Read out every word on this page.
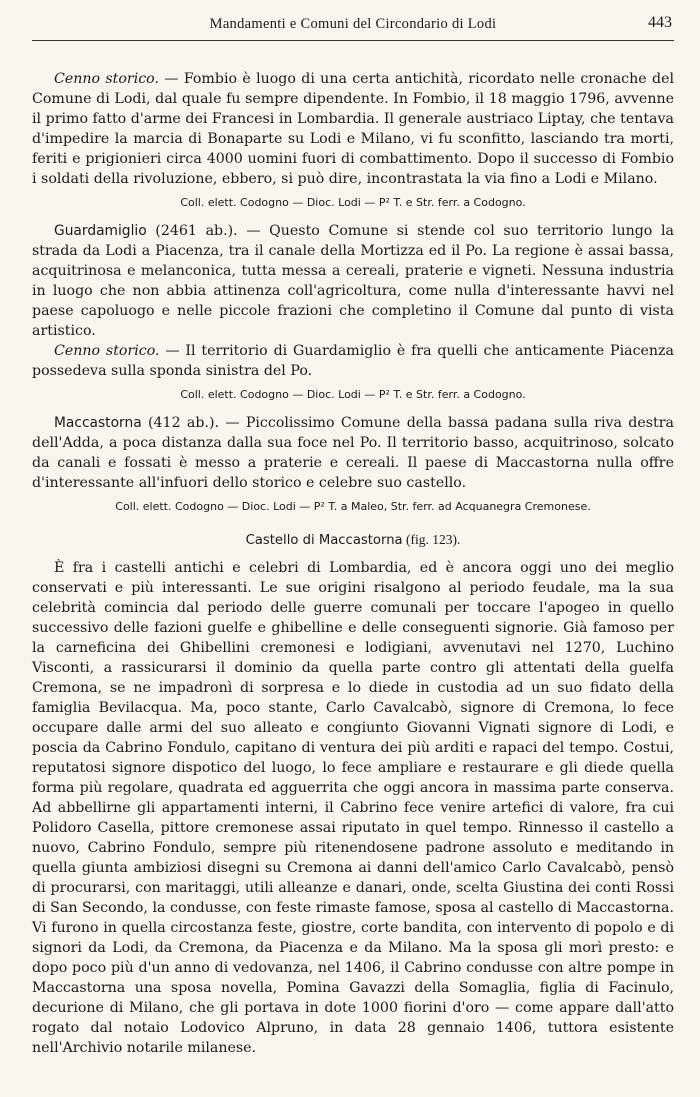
Mandamenti e Comuni del Circondario di Lodi	443

Cenno storico. — Fombio è luogo di una certa antichità, ricordato nelle cronache del Comune di Lodi, dal quale fu sempre dipendente. In Fombio, il 18 maggio 1796, avvenne il primo fatto d'arme dei Francesi in Lombardia. Il generale austriaco Liptay, che tentava d'impedire la marcia di Bonaparte su Lodi e Milano, vi fu sconfitto, lasciando tra morti, feriti e prigionieri circa 4000 uomini fuori di combattimento. Dopo il successo di Fombio i soldati della rivoluzione, ebbero, si può dire, incontrastata la via fino a Lodi e Milano.

Coll. elett. Codogno — Dioc. Lodi — P² T. e Str. ferr. a Codogno.

Guardamiglio (2461 ab.). — Questo Comune si stende col suo territorio lungo la strada da Lodi a Piacenza, tra il canale della Mortizza ed il Po. La regione è assai bassa, acquitrinosa e melanconica, tutta messa a cereali, praterie e vigneti. Nessuna industria in luogo che non abbia attinenza coll'agricoltura, come nulla d'interessante havvi nel paese capoluogo e nelle piccole frazioni che completino il Comune dal punto di vista artistico.

Cenno storico. — Il territorio di Guardamiglio è fra quelli che anticamente Piacenza possedeva sulla sponda sinistra del Po.

Coll. elett. Codogno — Dioc. Lodi — P² T. e Str. ferr. a Codogno.

Maccastorna (412 ab.). — Piccolissimo Comune della bassa padana sulla riva destra dell'Adda, a poca distanza dalla sua foce nel Po. Il territorio basso, acquitrinoso, solcato da canali e fossati è messo a praterie e cereali. Il paese di Maccastorna nulla offre d'interessante all'infuori dello storico e celebre suo castello.

Coll. elett. Codogno — Dioc. Lodi — P² T. a Maleo, Str. ferr. ad Acquanegra Cremonese.

Castello di Maccastorna (fig. 123).

È fra i castelli antichi e celebri di Lombardia, ed è ancora oggi uno dei meglio conservati e più interessanti. Le sue origini risalgono al periodo feudale, ma la sua celebrità comincia dal periodo delle guerre comunali per toccare l'apogeo in quello successivo delle fazioni guelfe e ghibelline e delle conseguenti signorie. Già famoso per la carneficina dei Ghibellini cremonesi e lodigiani, avvenutavi nel 1270, Luchino Visconti, a rassicurarsi il dominio da quella parte contro gli attentati della guelfa Cremona, se ne impadronì di sorpresa e lo diede in custodia ad un suo fidato della famiglia Bevilacqua. Ma, poco stante, Carlo Cavalcabò, signore di Cremona, lo fece occupare dalle armi del suo alleato e congiunto Giovanni Vignati signore di Lodi, e poscia da Cabrino Fondulo, capitano di ventura dei più arditi e rapaci del tempo. Costui, reputatosi signore dispotico del luogo, lo fece ampliare e restaurare e gli diede quella forma più regolare, quadrata ed agguerrita che oggi ancora in massima parte conserva. Ad abbellirne gli appartamenti interni, il Cabrino fece venire artefici di valore, fra cui Polidoro Casella, pittore cremonese assai riputato in quel tempo. Rinnesso il castello a nuovo, Cabrino Fondulo, sempre più ritenendosene padrone assoluto e meditando in quella giunta ambiziosi disegni su Cremona ai danni dell'amico Carlo Cavalcabò, pensò di procurarsi, con maritaggi, utili alleanze e danari, onde, scelta Giustina dei conti Rossi di San Secondo, la condusse, con feste rimaste famose, sposa al castello di Maccastorna. Vi furono in quella circostanza feste, giostre, corte bandita, con intervento di popolo e di signori da Lodi, da Cremona, da Piacenza e da Milano. Ma la sposa gli morì presto: e dopo poco più d'un anno di vedovanza, nel 1406, il Cabrino condusse con altre pompe in Maccastorna una sposa novella, Pomina Gavazzi della Somaglia, figlia di Facinulo, decurione di Milano, che gli portava in dote 1000 fiorini d'oro — come appare dall'atto rogato dal notaio Lodovico Alpruno, in data 28 gennaio 1406, tuttora esistente nell'Archivio notarile milanese.
